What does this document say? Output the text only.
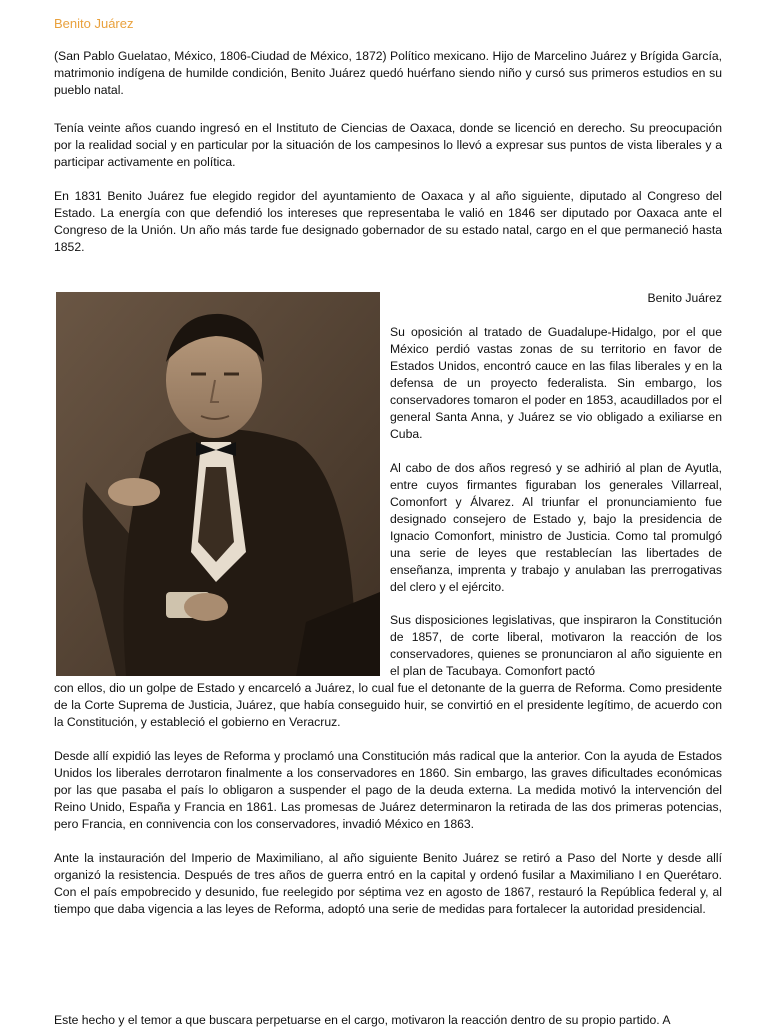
Benito Juárez

(San Pablo Guelatao, México, 1806-Ciudad de México, 1872) Político mexicano. Hijo de Marcelino Juárez y Brígida García, matrimonio indígena de humilde condición, Benito Juárez quedó huérfano siendo niño y cursó sus primeros estudios en su pueblo natal.

Tenía veinte años cuando ingresó en el Instituto de Ciencias de Oaxaca, donde se licenció en derecho. Su preocupación por la realidad social y en particular por la situación de los campesinos lo llevó a expresar sus puntos de vista liberales y a participar activamente en política.

En 1831 Benito Juárez fue elegido regidor del ayuntamiento de Oaxaca y al año siguiente, diputado al Congreso del Estado. La energía con que defendió los intereses que representaba le valió en 1846 ser diputado por Oaxaca ante el Congreso de la Unión. Un año más tarde fue designado gobernador de su estado natal, cargo en el que permaneció hasta 1852.

Benito Juárez

Su oposición al tratado de Guadalupe-Hidalgo, por el que México perdió vastas zonas de su territorio en favor de Estados Unidos, encontró cauce en las filas liberales y en la defensa de un proyecto federalista. Sin embargo, los conservadores tomaron el poder en 1853, acaudillados por el general Santa Anna, y Juárez se vio obligado a exiliarse en Cuba.

Al cabo de dos años regresó y se adhirió al plan de Ayutla, entre cuyos firmantes figuraban los generales Villarreal, Comonfort y Álvarez. Al triunfar el pronunciamiento fue designado consejero de Estado y, bajo la presidencia de Ignacio Comonfort, ministro de Justicia. Como tal promulgó una serie de leyes que restablecían las libertades de enseñanza, imprenta y trabajo y anulaban las prerrogativas del clero y el ejército.

Sus disposiciones legislativas, que inspiraron la Constitución de 1857, de corte liberal, motivaron la reacción de los conservadores, quienes se pronunciaron al año siguiente en el plan de Tacubaya. Comonfort pactó

con ellos, dio un golpe de Estado y encarceló a Juárez, lo cual fue el detonante de la guerra de Reforma. Como presidente de la Corte Suprema de Justicia, Juárez, que había conseguido huir, se convirtió en el presidente legítimo, de acuerdo con la Constitución, y estableció el gobierno en Veracruz.

Desde allí expidió las leyes de Reforma y proclamó una Constitución más radical que la anterior. Con la ayuda de Estados Unidos los liberales derrotaron finalmente a los conservadores en 1860. Sin embargo, las graves dificultades económicas por las que pasaba el país lo obligaron a suspender el pago de la deuda externa. La medida motivó la intervención del Reino Unido, España y Francia en 1861. Las promesas de Juárez determinaron la retirada de las dos primeras potencias, pero Francia, en connivencia con los conservadores, invadió México en 1863.

Ante la instauración del Imperio de Maximiliano, al año siguiente Benito Juárez se retiró a Paso del Norte y desde allí organizó la resistencia. Después de tres años de guerra entró en la capital y ordenó fusilar a Maximiliano I en Querétaro. Con el país empobrecido y desunido, fue reelegido por séptima vez en agosto de 1867, restauró la República federal y, al tiempo que daba vigencia a las leyes de Reforma, adoptó una serie de medidas para fortalecer la autoridad presidencial.

Este hecho y el temor a que buscara perpetuarse en el cargo, motivaron la reacción dentro de su propio partido. A
